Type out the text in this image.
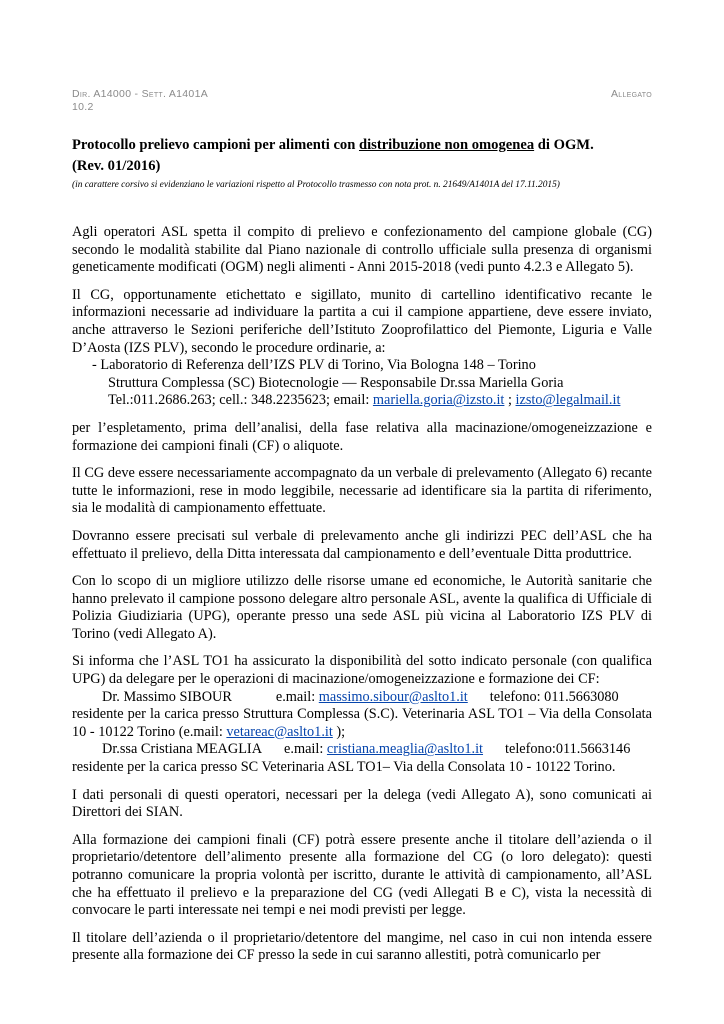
Dir. A14000 - Sett. A1401A
10.2
Allegato
Protocollo prelievo campioni per alimenti con distribuzione non omogenea di OGM.
(Rev. 01/2016)
(in carattere corsivo si evidenziano le variazioni rispetto al Protocollo trasmesso con nota prot. n. 21649/A1401A del 17.11.2015)

Agli operatori ASL spetta il compito di prelievo e confezionamento del campione globale (CG) secondo le modalità stabilite dal Piano nazionale di controllo ufficiale sulla presenza di organismi geneticamente modificati (OGM) negli alimenti - Anni 2015-2018 (vedi punto 4.2.3 e Allegato 5).

Il CG, opportunamente etichettato e sigillato, munito di cartellino identificativo recante le informazioni necessarie ad individuare la partita a cui il campione appartiene, deve essere inviato, anche attraverso le Sezioni periferiche dell’Istituto Zooprofilattico del Piemonte, Liguria e Valle D’Aosta (IZS PLV), secondo le procedure ordinarie, a:
- Laboratorio di Referenza dell’IZS PLV di Torino, Via Bologna 148 – Torino
Struttura Complessa (SC) Biotecnologie — Responsabile Dr.ssa Mariella Goria
Tel.:011.2686.263; cell.: 348.2235623; email: mariella.goria@izsto.it ; izsto@legalmail.it

per l’espletamento, prima dell’analisi, della fase relativa alla macinazione/omogeneizzazione e formazione dei campioni finali (CF) o aliquote.

Il CG deve essere necessariamente accompagnato da un verbale di prelevamento (Allegato 6) recante tutte le informazioni, rese in modo leggibile, necessarie ad identificare sia la partita di riferimento, sia le modalità di campionamento effettuate.

Dovranno essere precisati sul verbale di prelevamento anche gli indirizzi PEC dell’ASL che ha effettuato il prelievo, della Ditta interessata dal campionamento e dell’eventuale Ditta produttrice.

Con lo scopo di un migliore utilizzo delle risorse umane ed economiche, le Autorità sanitarie che hanno prelevato il campione possono delegare altro personale ASL, avente la qualifica di Ufficiale di Polizia Giudiziaria (UPG), operante presso una sede ASL più vicina al Laboratorio IZS PLV di Torino (vedi Allegato A).

Si informa che l’ASL TO1 ha assicurato la disponibilità del sotto indicato personale (con qualifica UPG) da delegare per le operazioni di macinazione/omogeneizzazione e formazione dei CF:
Dr. Massimo SIBOUR	e.mail: massimo.sibour@aslto1.it telefono: 011.5663080
residente per la carica presso Struttura Complessa (S.C). Veterinaria ASL TO1 – Via della Consolata 10 - 10122 Torino (e.mail: vetareac@aslto1.it );
Dr.ssa Cristiana MEAGLIA e.mail: cristiana.meaglia@aslto1.it telefono:011.5663146
residente per la carica presso SC Veterinaria ASL TO1– Via della Consolata 10 - 10122 Torino.

I dati personali di questi operatori, necessari per la delega (vedi Allegato A), sono comunicati ai Direttori dei SIAN.

Alla formazione dei campioni finali (CF) potrà essere presente anche il titolare dell’azienda o il proprietario/detentore dell’alimento presente alla formazione del CG (o loro delegato): questi potranno comunicare la propria volontà per iscritto, durante le attività di campionamento, all’ASL che ha effettuato il prelievo e la preparazione del CG (vedi Allegati B e C), vista la necessità di convocare le parti interessate nei tempi e nei modi previsti per legge.

Il titolare dell’azienda o il proprietario/detentore del mangime, nel caso in cui non intenda essere presente alla formazione dei CF presso la sede in cui saranno allestiti, potrà comunicarlo per
